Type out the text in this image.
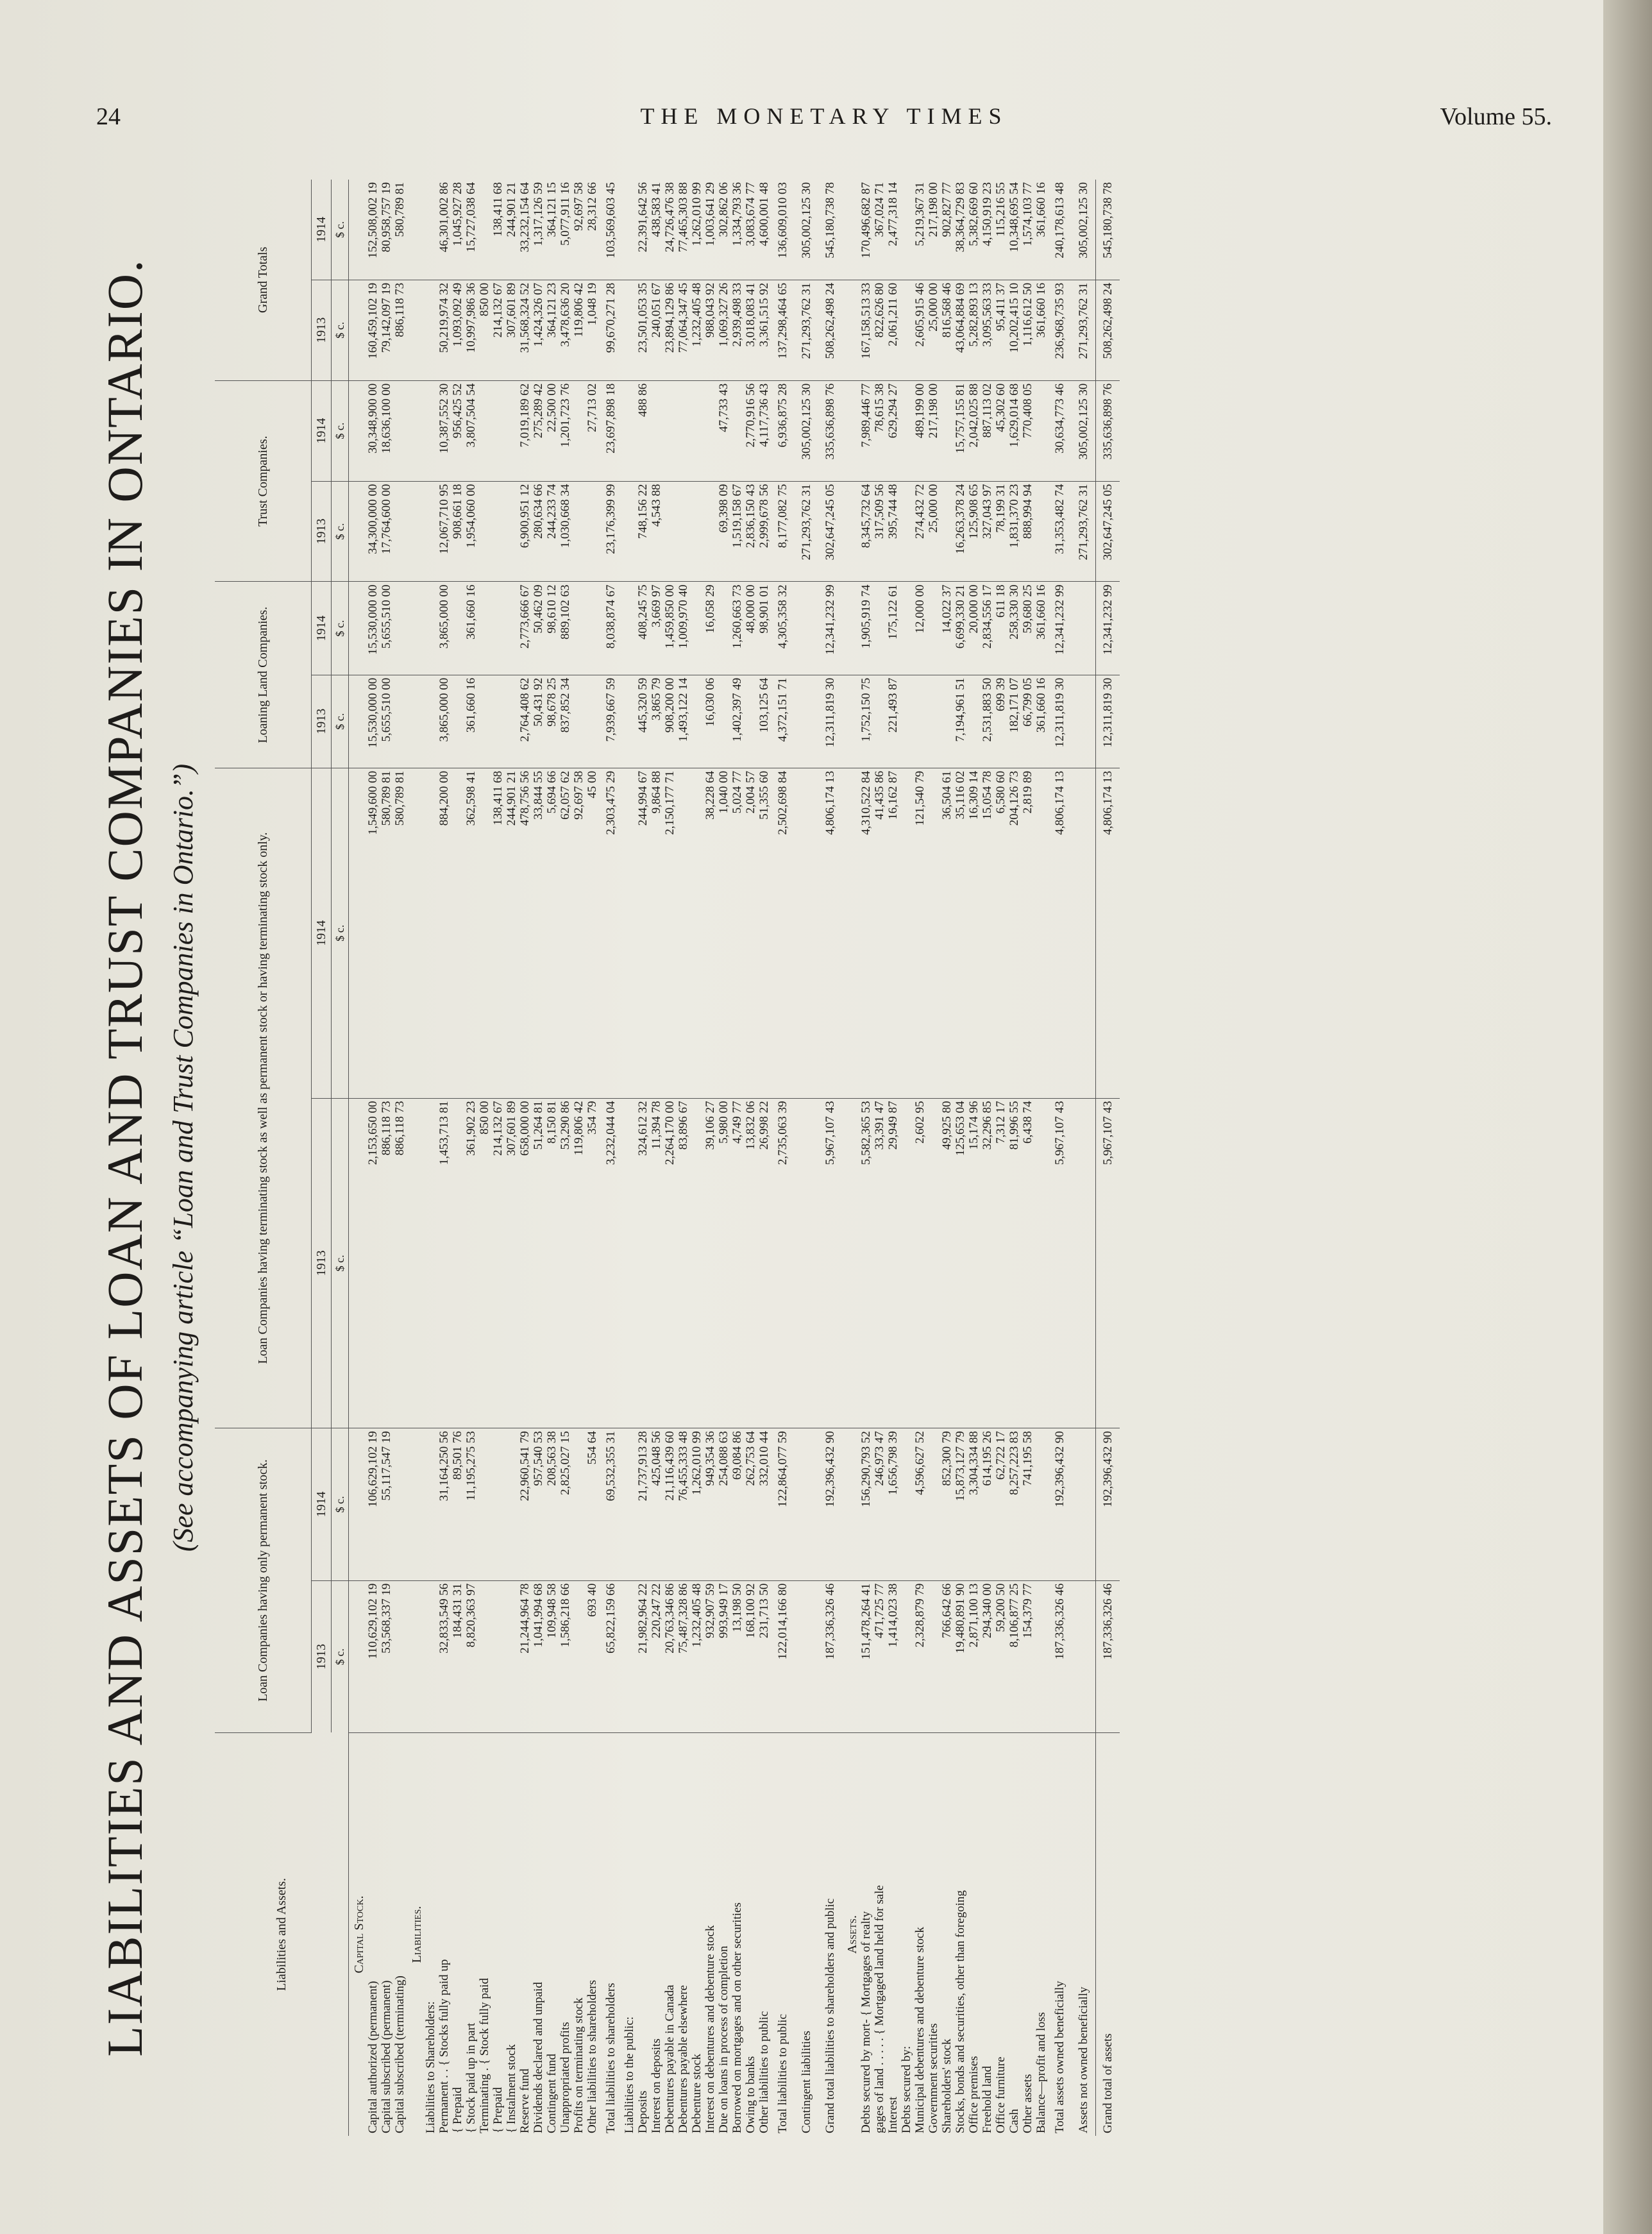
24	THE MONETARY TIMES	Volume 55.
LIABILITIES AND ASSETS OF LOAN AND TRUST COMPANIES IN ONTARIO. (See accompanying article “Loan and Trust Companies in Ontario.”)
Liabilities and Assets.	Loan Companies having only permanent stock.		Loan Companies having terminating stock as well as permanent stock or having terminating stock only.		Loaning Land Companies.		Trust Companies.		Grand Totals	
	1913	1914	1913	1914	1913	1914	1913	1914	1913	1914
	$ c.	$ c.	$ c.	$ c.	$ c.	$ c.	$ c.	$ c.	$ c.	$ c.
Capital Stock.										
Capital authorized (permanent)	110,629,102 19	106,629,102 19	2,153,650 00	1,549,600 00	15,530,000 00	15,530,000 00	34,300,000 00	30,348,900 00	160,459,102 19	152,508,002 19
Capital subscribed (permanent)	53,568,337 19	55,117,547 19	886,118 73	580,789 81	5,655,510 00	5,655,510 00	17,764,600 00	18,636,100 00	79,142,097 19	80,958,757 19
Capital subscribed (terminating)			886,118 73	580,789 81					886,118 73	580,789 81
Liabilities.										
Liabilities to Shareholders:										
Permanent . . { Stocks fully paid up	32,833,549 56	31,164,250 56	1,453,713 81	884,200 00	3,865,000 00	3,865,000 00	12,067,710 95	10,387,552 30	50,219,974 32	46,301,002 86
{ Prepaid	184,431 31	89,501 76					908,661 18	956,425 52	1,093,092 49	1,045,927 28
{ Stock paid up in part	8,820,363 97	11,195,275 53	361,902 23	362,598 41	361,660 16	361,660 16	1,954,060 00	3,807,504 54	10,997,986 36	15,727,038 64
Terminating . { Stock fully paid			850 00						850 00	
{ Prepaid			214,132 67	138,411 68					214,132 67	138,411 68
{ Instalment stock			307,601 89	244,901 21					307,601 89	244,901 21
Reserve fund	21,244,964 78	22,960,541 79	658,000 00	478,756 56	2,764,408 62	2,773,666 67	6,900,951 12	7,019,189 62	31,568,324 52	33,232,154 64
Dividends declared and unpaid	1,041,994 68	957,540 53	51,264 81	33,844 55	50,431 92	50,462 09	280,634 66	275,289 42	1,424,326 07	1,317,126 59
Contingent fund	109,948 58	208,563 38	8,150 81	5,694 66	98,678 25	98,610 12	244,233 74	22,500 00	364,121 23	364,121 15
Unappropriated profits	1,586,218 66	2,825,027 15	53,290 86	62,057 62	837,852 34	889,102 63	1,030,668 34	1,201,723 76	3,478,636 20	5,077,911 16
Profits on terminating stock			119,806 42	92,697 58					119,806 42	92,697 58
Other liabilities to shareholders	693 40	554 64	354 79	45 00				27,713 02	1,048 19	28,312 66
Total liabilities to shareholders	65,822,159 66	69,532,355 31	3,232,044 04	2,303,475 29	7,939,667 59	8,038,874 67	23,176,399 99	23,697,898 18	99,670,271 28	103,569,603 45
Liabilities to the public:										
Deposits	21,982,964 22	21,737,913 28	324,612 32	244,994 67	445,320 59	408,245 75	748,156 22	488 86	23,501,053 35	22,391,642 56
Interest on deposits	220,247 22	425,048 56	11,394 78	9,864 88	3,865 79	3,669 97	4,543 88		240,051 67	438,583 41
Debentures payable in Canada	20,763,346 86	21,116,439 60	2,264,170 00	2,150,177 71	908,200 00	1,459,850 00			23,894,129 86	24,726,476 38
Debentures payable elsewhere	75,487,328 86	76,455,333 48	83,896 67		1,493,122 14	1,009,970 40			77,064,347 45	77,465,303 88
Debenture stock	1,232,405 48	1,262,010 99							1,232,405 48	1,262,010 99
Interest on debentures and debenture stock	932,907 59	949,354 36	39,106 27	38,228 64	16,030 06	16,058 29			988,043 92	1,003,641 29
Due on loans in process of completion	993,949 17	254,088 63	5,980 00	1,040 00			69,398 09	47,733 43	1,069,327 26	302,862 06
Borrowed on mortgages and on other securities	13,198 50	69,084 86	4,749 77	5,024 77	1,402,397 49	1,260,663 73	1,519,158 67		2,939,498 33	1,334,793 36
Owing to banks	168,100 92	262,753 64	13,832 06	2,004 57		48,000 00	2,836,150 43	2,770,916 56	3,018,083 41	3,083,674 77
Other liabilities to public	231,713 50	332,010 44	26,998 22	51,355 60	103,125 64	98,901 01	2,999,678 56	4,117,736 43	3,361,515 92	4,600,001 48
Total liabilities to public	122,014,166 80	122,864,077 59	2,735,063 39	2,502,698 84	4,372,151 71	4,305,358 32	8,177,082 75	6,936,875 28	137,298,464 65	136,609,010 03
Contingent liabilities							271,293,762 31	305,002,125 30	271,293,762 31	305,002,125 30
Grand total liabilities to shareholders and public	187,336,326 46	192,396,432 90	5,967,107 43	4,806,174 13	12,311,819 30	12,341,232 99	302,647,245 05	335,636,898 76	508,262,498 24	545,180,738 78
Assets.										
Debts secured by mort- { Mortgages of realty	151,478,264 41	156,290,793 52	5,582,365 53	4,310,522 84	1,752,150 75	1,905,919 74	8,345,732 64	7,989,446 77	167,158,513 33	170,496,682 87
gages of land . . . . . { Mortgaged land held for sale	471,725 77	246,973 47	33,391 47	41,435 86			317,509 56	78,615 38	822,626 80	367,024 71
Interest	1,414,023 38	1,656,798 39	29,949 87	16,162 87	221,493 87	175,122 61	395,744 48	629,294 27	2,061,211 60	2,477,318 14
Debts secured by:										
Municipal debentures and debenture stock	2,328,879 79	4,596,627 52	2,602 95	121,540 79		12,000 00	274,432 72	489,199 00	2,605,915 46	5,219,367 31
Government securities							25,000 00	217,198 00	25,000 00	217,198 00
Shareholders' stock	766,642 66	852,300 79	49,925 80	36,504 61		14,022 37			816,568 46	902,827 77
Stocks, bonds and securities, other than foregoing	19,480,891 90	15,873,127 79	125,653 04	35,116 02	7,194,961 51	6,699,330 21	16,263,378 24	15,757,155 81	43,064,884 69	38,364,729 83
Office premises	2,871,100 13	3,304,334 88	15,174 96	16,309 14		20,000 00	125,908 65	2,042,025 88	5,282,893 13	5,382,669 60
Freehold land	294,340 00	614,195 26	32,296 85	15,054 78	2,531,883 50	2,834,556 17	327,043 97	887,113 02	3,095,563 33	4,150,919 23
Office furniture	59,200 50	62,722 17	7,312 17	6,580 60	699 39	611 18	78,199 31	45,302 60	95,411 37	115,216 55
Cash	8,106,877 25	8,257,223 83	81,996 55	204,126 73	182,171 07	258,330 30	1,831,370 23	1,629,014 68	10,202,415 10	10,348,695 54
Other assets	154,379 77	741,195 58	6,438 74	2,819 89	66,799 05	59,680 25	888,994 94	770,408 05	1,116,612 50	1,574,103 77
Balance—profit and loss					361,660 16	361,660 16			361,660 16	361,660 16
Total assets owned beneficially	187,336,326 46	192,396,432 90	5,967,107 43	4,806,174 13	12,311,819 30	12,341,232 99	31,353,482 74	30,634,773 46	236,968,735 93	240,178,613 48
Assets not owned beneficially							271,293,762 31	305,002,125 30	271,293,762 31	305,002,125 30
Grand total of assets	187,336,326 46	192,396,432 90	5,967,107 43	4,806,174 13	12,311,819 30	12,341,232 99	302,647,245 05	335,636,898 76	508,262,498 24	545,180,738 78
